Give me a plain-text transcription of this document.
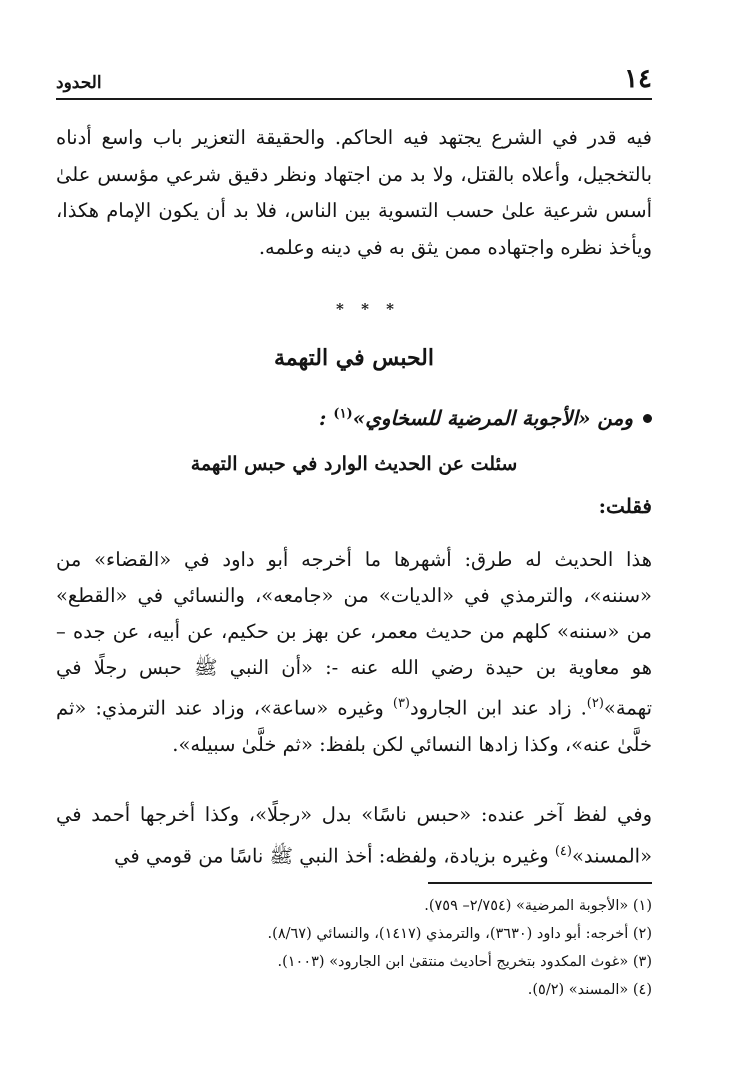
١٤
الحدود

فيه قدر في الشرع يجتهد فيه الحاكم. والحقيقة التعزير باب واسع أدناه بالتخجيل، وأعلاه بالقتل، ولا بد من اجتهاد ونظر دقيق شرعي مؤسس علىٰ أسس شرعية علىٰ حسب التسوية بين الناس، فلا بد أن يكون الإمام هكذا، ويأخذ نظره واجتهاده ممن يثق به في دينه وعلمه.

* * *
الحبس في التهمة
ومن «الأجوبة المرضية للسخاوي»$^{(١)}$ :
سئلت عن الحديث الوارد في حبس التهمة
فقلت:

هذا الحديث له طرق: أشهرها ما أخرجه أبو داود في «القضاء» من «سننه»، والترمذي في «الديات» من «جامعه»، والنسائي في «القطع» من «سننه» كلهم من حديث معمر، عن بهز بن حكيم، عن أبيه، عن جده – هو معاوية بن حيدة رضي الله عنه -: «أن النبي ﷺ حبس رجلًا في تهمة»$^{(٢)}$. زاد عند ابن الجارود$^{(٣)}$ وغيره «ساعة»، وزاد عند الترمذي: «ثم خلَّىٰ عنه»، وكذا زادها النسائي لكن بلفظ: «ثم خلَّىٰ سبيله».

وفي لفظ آخر عنده: «حبس ناسًا» بدل «رجلًا»، وكذا أخرجها أحمد في «المسند»$^{(٤)}$ وغيره بزيادة، ولفظه: أخذ النبي ﷺ ناسًا من قومي في

(١) «الأجوبة المرضية» (٢/٧٥٤– ٧٥٩).
(٢) أخرجه: أبو داود (٣٦٣٠)، والترمذي (١٤١٧)، والنسائي (٨/٦٧).
(٣) «غوث المكدود بتخريج أحاديث منتقىٰ ابن الجارود» (١٠٠٣).
(٤) «المسند» (٥/٢).
